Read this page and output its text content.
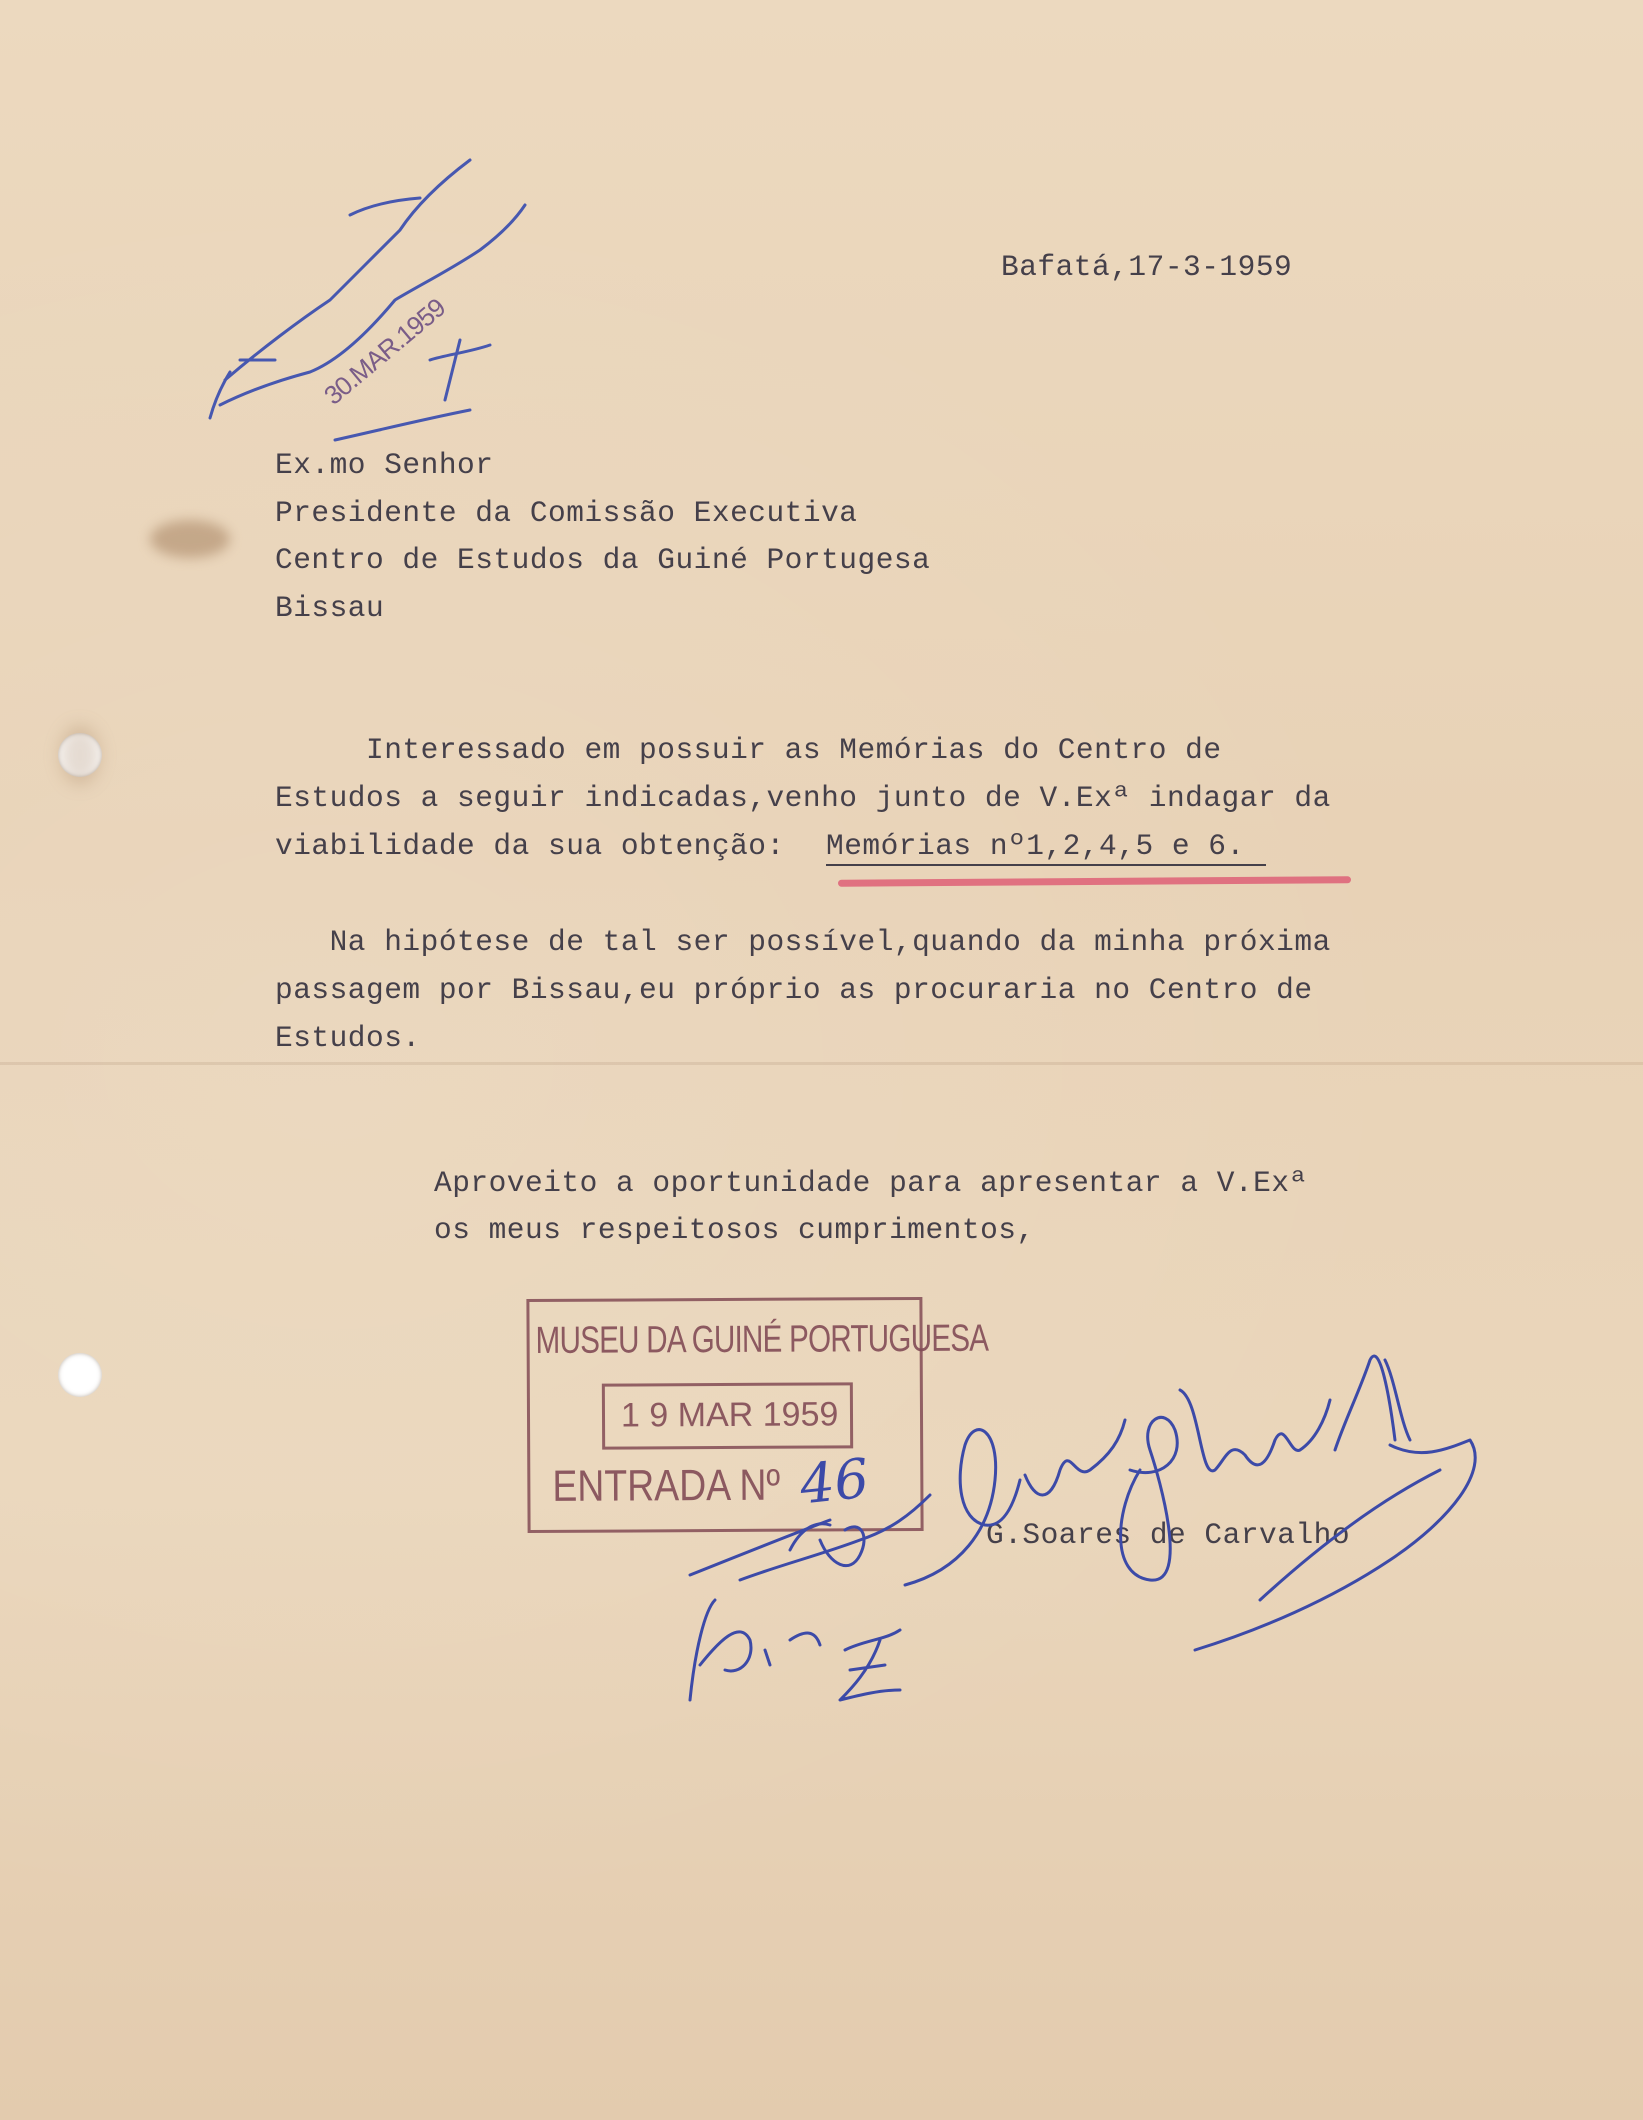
30.MAR.1959
Bafatá,17-3-1959
Ex.mo Senhor
Presidente da Comissão Executiva
Centro de Estudos da Guiné Portugesa
Bissau
Interessado em possuir as Memórias do Centro de
Estudos a seguir indicadas,venho junto de V.Exª indagar da
viabilidade da sua obtenção: Memórias nº1,2,4,5 e 6.
Na hipótese de tal ser possível,quando da minha próxima
passagem por Bissau,eu próprio as procuraria no Centro de
Estudos.
Aproveito a oportunidade para apresentar a V.Exª
os meus respeitosos cumprimentos,
MUSEU DA GUINÉ PORTUGUESA
1 9 MAR 1959
ENTRADA Nº 46
G.Soares de Carvalho
